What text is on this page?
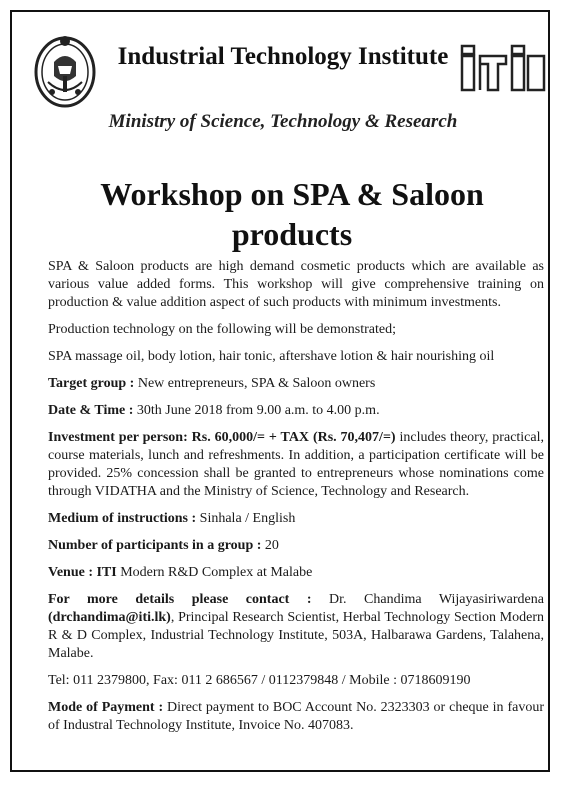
Industrial Technology Institute
Ministry of Science, Technology & Research
Workshop on SPA & Saloon products

SPA & Saloon products are high demand cosmetic products which are available as various value added forms. This workshop will give comprehensive training on production & value addition aspect of such products with minimum investments.

Production technology on the following will be demonstrated;

SPA massage oil, body lotion, hair tonic, aftershave lotion & hair nourishing oil

Target group : New entrepreneurs, SPA & Saloon owners

Date & Time : 30th June 2018 from 9.00 a.m. to 4.00 p.m.

Investment per person: Rs. 60,000/= + TAX (Rs. 70,407/=) includes theory, practical, course materials, lunch and refreshments. In addition, a participation certificate will be provided. 25% concession shall be granted to entrepreneurs whose nominations come through VIDATHA and the Ministry of Science, Technology and Research.

Medium of instructions : Sinhala / English

Number of participants in a group : 20

Venue : ITI Modern R&D Complex at Malabe

For more details please contact : Dr. Chandima Wijayasiriwardena (drchandima@iti.lk), Principal Research Scientist, Herbal Technology Section Modern R & D Complex, Industrial Technology Institute, 503A, Halbarawa Gardens, Talahena, Malabe.

Tel: 011 2379800, Fax: 011 2 686567 / 0112379848 / Mobile : 0718609190

Mode of Payment : Direct payment to BOC Account No. 2323303 or cheque in favour of Industral Technology Institute, Invoice No. 407083.
